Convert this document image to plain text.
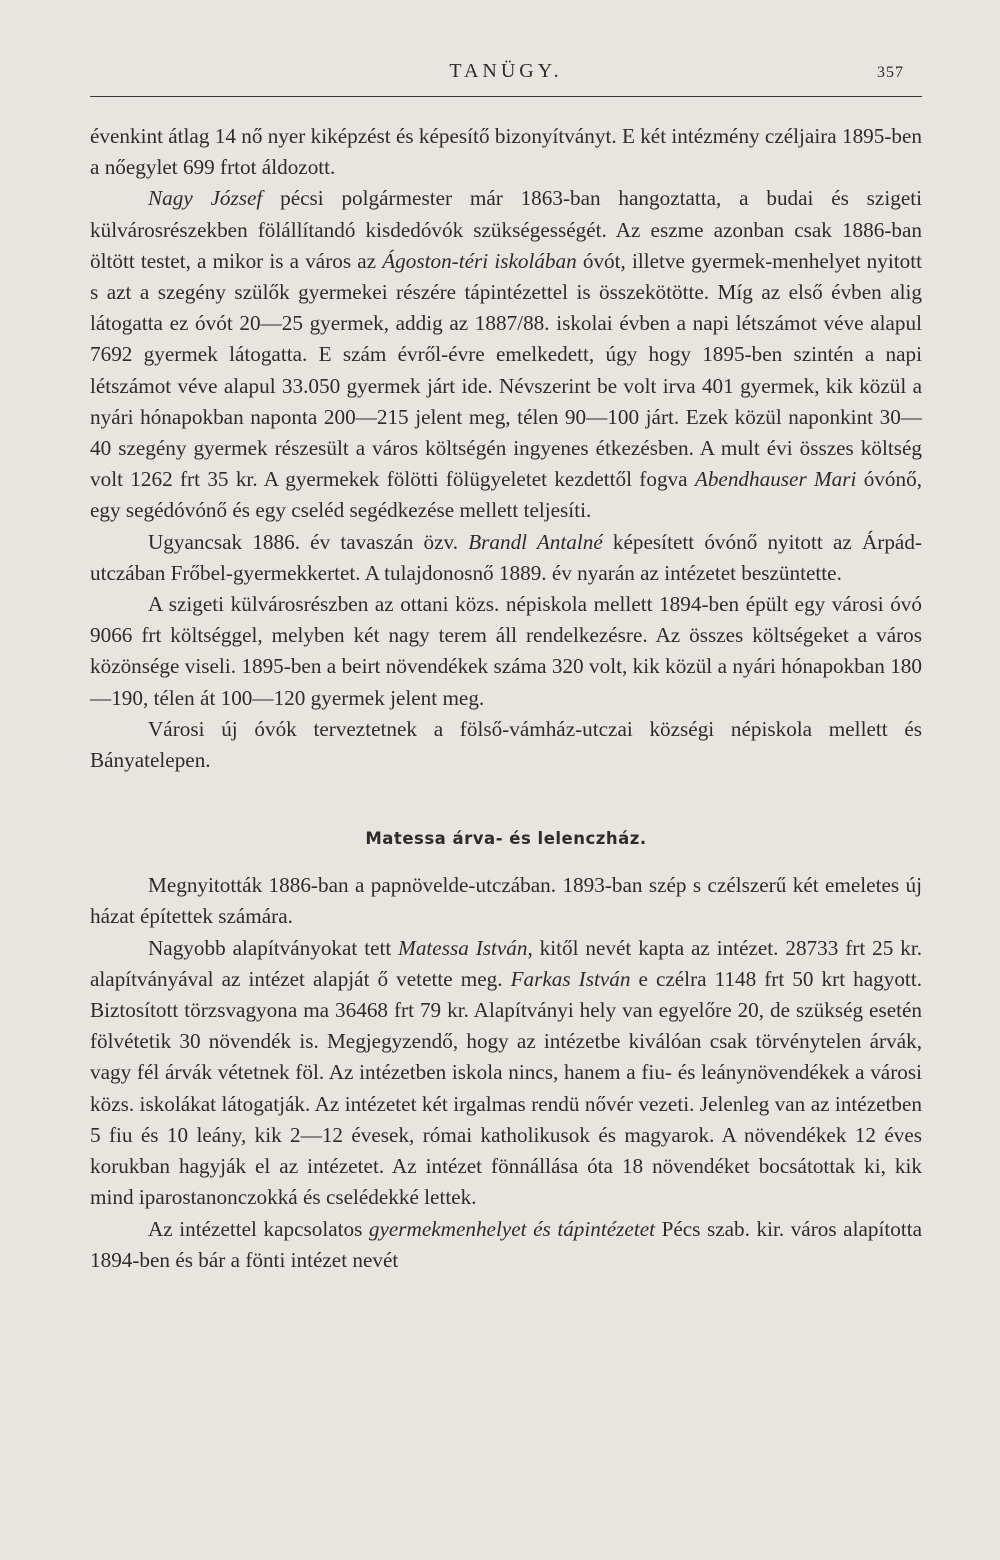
TANÜGY.	357

évenkint átlag 14 nő nyer kiképzést és képesítő bizonyítványt. E két intézmény czéljaira 1895-ben a nőegylet 699 frtot áldozott.

Nagy József pécsi polgármester már 1863-ban hangoztatta, a budai és szigeti külvárosrészekben fölállítandó kisdedóvók szükségességét. Az eszme azonban csak 1886-ban öltött testet, a mikor is a város az Ágoston-téri iskolában óvót, illetve gyermek-menhelyet nyitott s azt a szegény szülők gyermekei részére tápintézettel is összekötötte. Míg az első évben alig látogatta ez óvót 20—25 gyermek, addig az 1887/88. iskolai évben a napi létszámot véve alapul 7692 gyermek látogatta. E szám évről-évre emelkedett, úgy hogy 1895-ben szintén a napi létszámot véve alapul 33.050 gyermek járt ide. Névszerint be volt irva 401 gyermek, kik közül a nyári hónapokban naponta 200—215 jelent meg, télen 90—100 járt. Ezek közül naponkint 30—40 szegény gyermek részesült a város költségén ingyenes étkezésben. A mult évi összes költség volt 1262 frt 35 kr. A gyermekek fölötti fölügyeletet kezdettől fogva Abendhauser Mari óvónő, egy segédóvónő és egy cseléd segédkezése mellett teljesíti.

Ugyancsak 1886. év tavaszán özv. Brandl Antalné képesített óvónő nyitott az Árpád-utczában Frőbel-gyermekkertet. A tulajdonosnő 1889. év nyarán az intézetet beszüntette.

A szigeti külvárosrészben az ottani közs. népiskola mellett 1894-ben épült egy városi óvó 9066 frt költséggel, melyben két nagy terem áll rendelkezésre. Az összes költségeket a város közönsége viseli. 1895-ben a beirt növendékek száma 320 volt, kik közül a nyári hónapokban 180—190, télen át 100—120 gyermek jelent meg.

Városi új óvók terveztetnek a fölső-vámház-utczai községi népiskola mellett és Bányatelepen.

Matessa árva- és lelenczház.

Megnyitották 1886-ban a papnövelde-utczában. 1893-ban szép s czélszerű két emeletes új házat építettek számára.

Nagyobb alapítványokat tett Matessa István, kitől nevét kapta az intézet. 28733 frt 25 kr. alapítványával az intézet alapját ő vetette meg. Farkas István e czélra 1148 frt 50 krt hagyott. Biztosított törzsvagyona ma 36468 frt 79 kr. Alapítványi hely van egyelőre 20, de szükség esetén fölvétetik 30 növendék is. Megjegyzendő, hogy az intézetbe kiválóan csak törvénytelen árvák, vagy fél árvák vétetnek föl. Az intézetben iskola nincs, hanem a fiu- és leánynövendékek a városi közs. iskolákat látogatják. Az intézetet két irgalmas rendü nővér vezeti. Jelenleg van az intézetben 5 fiu és 10 leány, kik 2—12 évesek, római katholikusok és magyarok. A növendékek 12 éves korukban hagyják el az intézetet. Az intézet fönnállása óta 18 növendéket bocsátottak ki, kik mind iparostanonczokká és cselédekké lettek.

Az intézettel kapcsolatos gyermekmenhelyet és tápintézetet Pécs szab. kir. város alapította 1894-ben és bár a fönti intézet nevét
